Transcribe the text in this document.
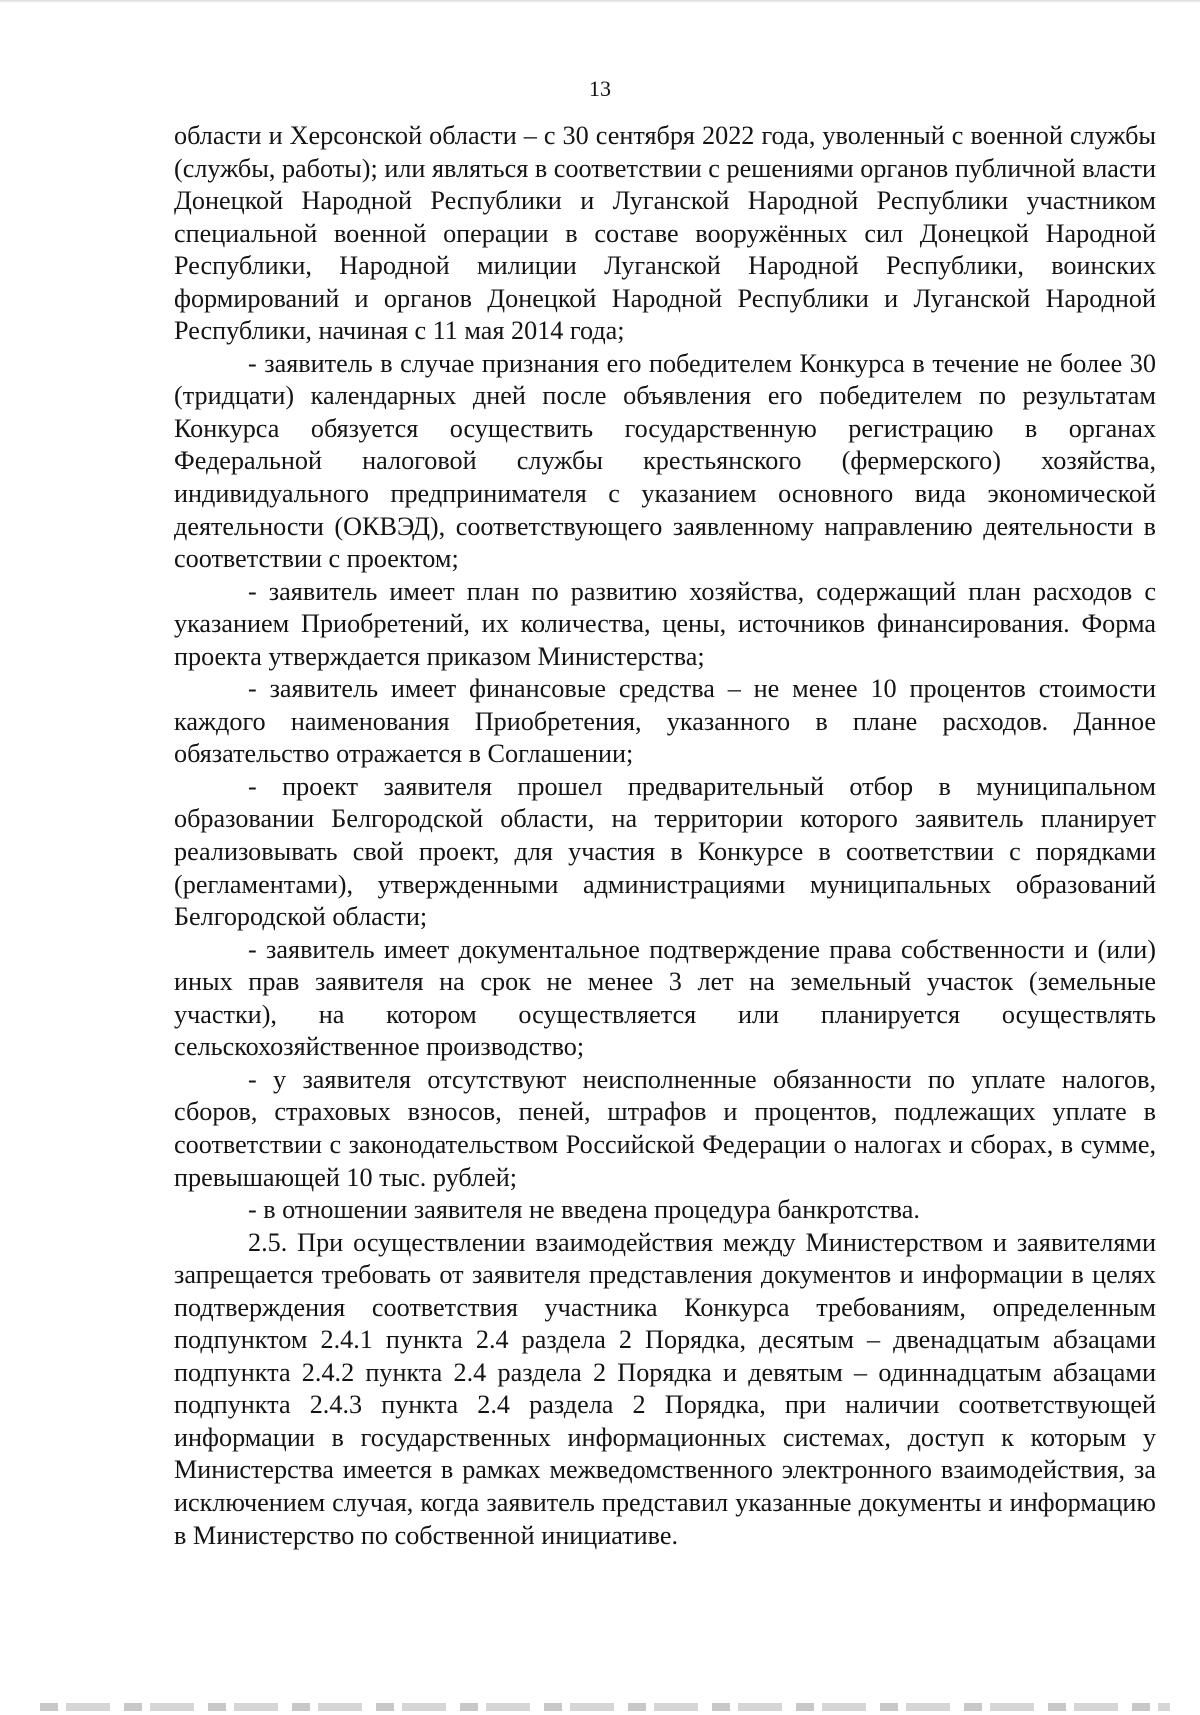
13

области и Херсонской области – с 30 сентября 2022 года, уволенный с военной службы (службы, работы); или являться в соответствии с решениями органов публичной власти Донецкой Народной Республики и Луганской Народной Республики участником специальной военной операции в составе вооружённых сил Донецкой Народной Республики, Народной милиции Луганской Народной Республики, воинских формирований и органов Донецкой Народной Республики и Луганской Народной Республики, начиная с 11 мая 2014 года;

- заявитель в случае признания его победителем Конкурса в течение не более 30 (тридцати) календарных дней после объявления его победителем по результатам Конкурса обязуется осуществить государственную регистрацию в органах Федеральной налоговой службы крестьянского (фермерского) хозяйства, индивидуального предпринимателя с указанием основного вида экономической деятельности (ОКВЭД), соответствующего заявленному направлению деятельности в соответствии с проектом;

- заявитель имеет план по развитию хозяйства, содержащий план расходов с указанием Приобретений, их количества, цены, источников финансирования. Форма проекта утверждается приказом Министерства;

- заявитель имеет финансовые средства – не менее 10 процентов стоимости каждого наименования Приобретения, указанного в плане расходов. Данное обязательство отражается в Соглашении;

- проект заявителя прошел предварительный отбор в муниципальном образовании Белгородской области, на территории которого заявитель планирует реализовывать свой проект, для участия в Конкурсе в соответствии с порядками (регламентами), утвержденными администрациями муниципальных образований Белгородской области;

- заявитель имеет документальное подтверждение права собственности и (или) иных прав заявителя на срок не менее 3 лет на земельный участок (земельные участки), на котором осуществляется или планируется осуществлять сельскохозяйственное производство;

- у заявителя отсутствуют неисполненные обязанности по уплате налогов, сборов, страховых взносов, пеней, штрафов и процентов, подлежащих уплате в соответствии с законодательством Российской Федерации о налогах и сборах, в сумме, превышающей 10 тыс. рублей;

- в отношении заявителя не введена процедура банкротства.

2.5. При осуществлении взаимодействия между Министерством и заявителями запрещается требовать от заявителя представления документов и информации в целях подтверждения соответствия участника Конкурса требованиям, определенным подпунктом 2.4.1 пункта 2.4 раздела 2 Порядка, десятым – двенадцатым абзацами подпункта 2.4.2 пункта 2.4 раздела 2 Порядка и девятым – одиннадцатым абзацами подпункта 2.4.3 пункта 2.4 раздела 2 Порядка, при наличии соответствующей информации в государственных информационных системах, доступ к которым у Министерства имеется в рамках межведомственного электронного взаимодействия, за исключением случая, когда заявитель представил указанные документы и информацию в Министерство по собственной инициативе.
